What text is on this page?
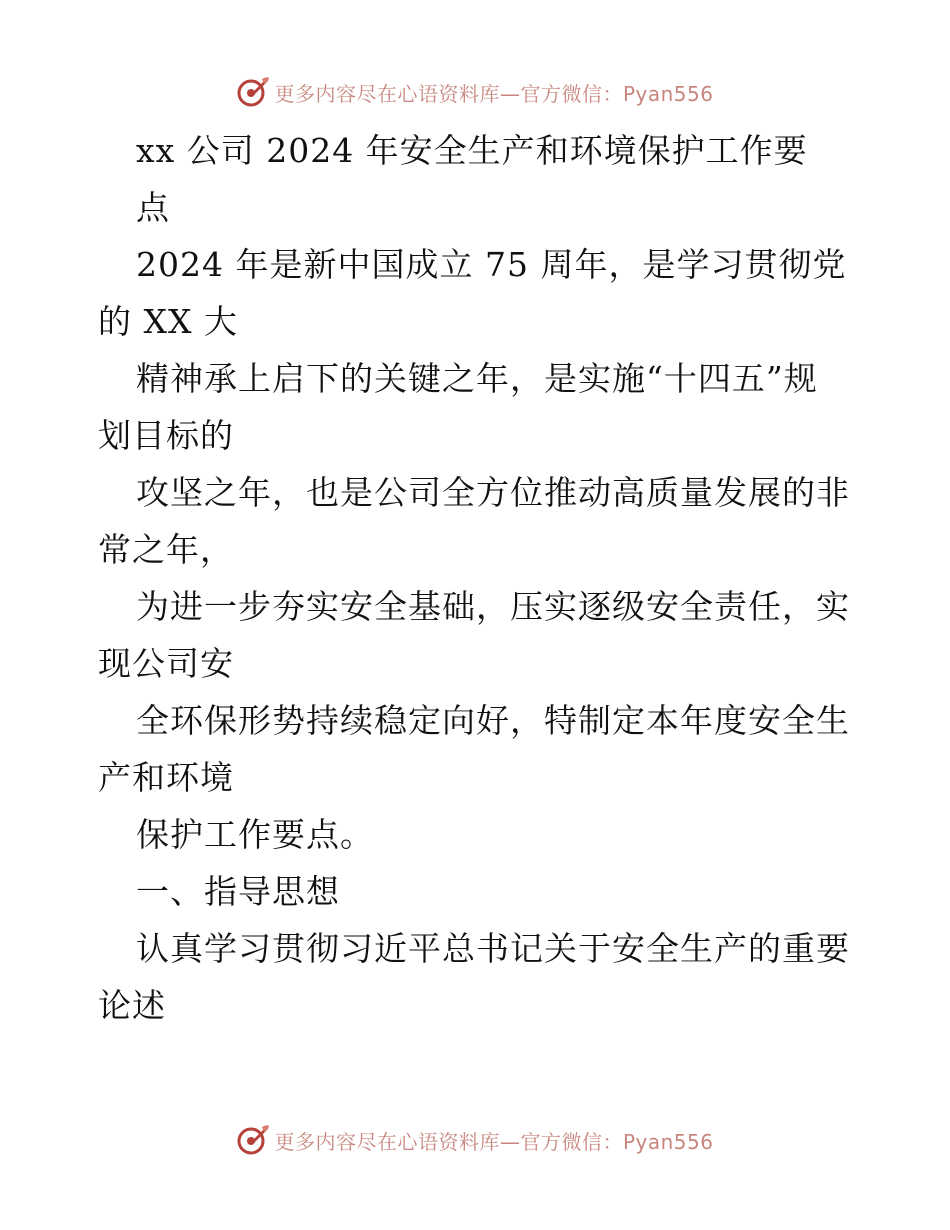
更多内容尽在心语资料库—官方微信：Pyan556
xx 公司 2024 年安全生产和环境保护工作要
点
2024 年是新中国成立 75 周年，是学习贯彻党
的 XX 大
精神承上启下的关键之年，是实施“十四五”规
划目标的
攻坚之年，也是公司全方位推动高质量发展的非
常之年，
为进一步夯实安全基础，压实逐级安全责任，实
现公司安
全环保形势持续稳定向好，特制定本年度安全生
产和环境
保护工作要点。
一、指导思想
认真学习贯彻习近平总书记关于安全生产的重要
论述
更多内容尽在心语资料库—官方微信：Pyan556
